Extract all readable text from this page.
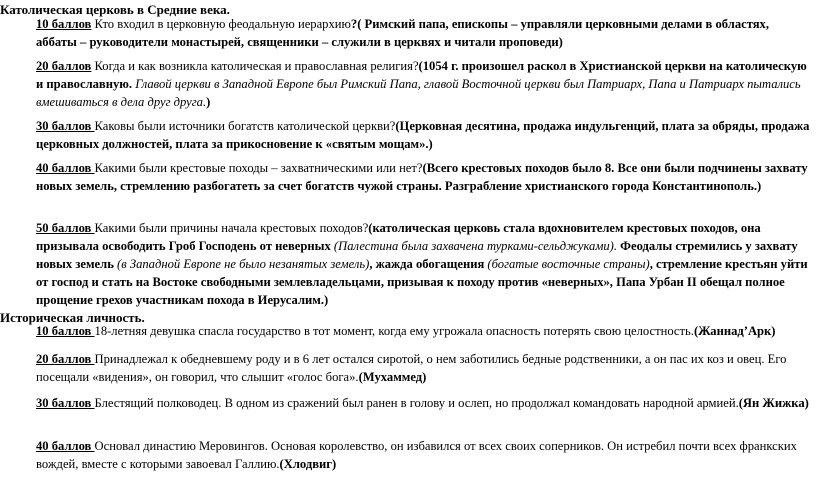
Католическая церковь в Средние века.
10 баллов Кто входил в церковную феодальную иерархию?( Римский папа, епископы – управляли церковными делами в областях, аббаты – руководители монастырей, священники – служили в церквях и читали проповеди)
20 баллов Когда и как возникла католическая и православная религия?(1054 г. произошел раскол в Христианской церкви на католическую и православную. Главой церкви в Западной Европе был Римский Папа, главой Восточной церкви был Патриарх, Папа и Патриарх пытались вмешиваться в дела друг друга.)
30 баллов Каковы были источники богатств католической церкви?(Церковная десятина, продажа индульгенций, плата за обряды, продажа церковных должностей, плата за прикосновение к «святым мощам».)
40 баллов Какими были крестовые походы – захватническими или нет?(Всего крестовых походов было 8. Все они были подчинены захвату новых земель, стремлению разбогатеть за счет богатств чужой страны. Разграбление христианского города Константинополь.)
50 баллов Какими были причины начала крестовых походов?(католическая церковь стала вдохновителем крестовых походов, она призывала освободить Гроб Господень от неверных (Палестина была захвачена турками-сельджуками). Феодалы стремились у захвату новых земель (в Западной Европе не было незанятых земель), жажда обогащения (богатые восточные страны), стремление крестьян уйти от господ и стать на Востоке свободными землевладельцами, призывая к походу против «неверных», Папа Урбан II обещал полное прощение грехов участникам похода в Иерусалим.)
Историческая личность.
10 баллов 18-летняя девушка спасла государство в тот момент, когда ему угрожала опасность потерять свою целостность.(Жаннад’Арк)
20 баллов Принадлежал к обедневшему роду и в 6 лет остался сиротой, о нем заботились бедные родственники, а он пас их коз и овец. Его посещали «видения», он говорил, что слышит «голос бога».(Мухаммед)
30 баллов Блестящий полководец. В одном из сражений был ранен в голову и ослеп, но продолжал командовать народной армией.(Ян Жижка)
40 баллов Основал династию Меровингов. Основая королевство, он избавился от всех своих соперников. Он истребил почти всех франкских вождей, вместе с которыми завоевал Галлию.(Хлодвиг)
